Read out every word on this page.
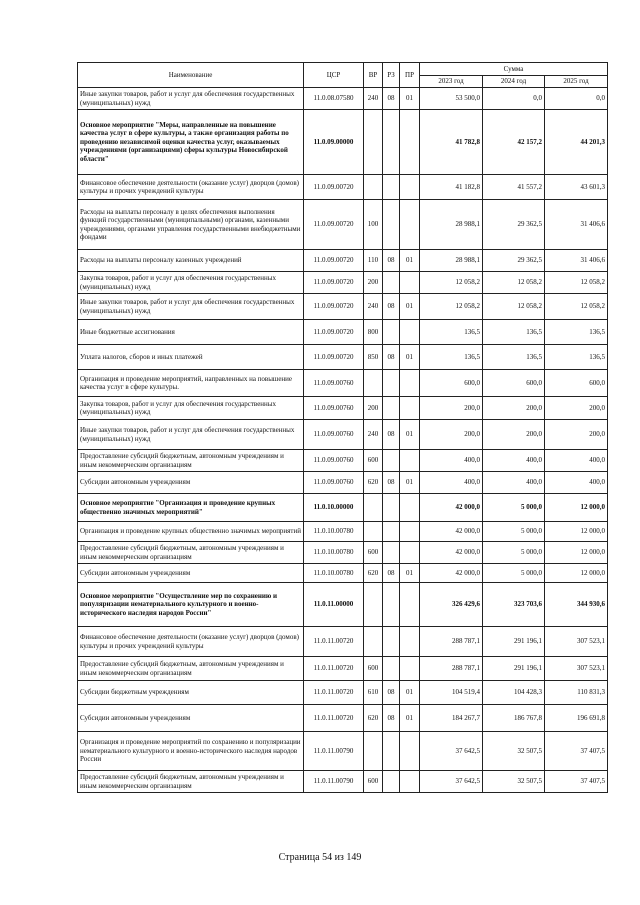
Наименование	ЦСР	ВР	РЗ	ПР	Сумма		
					2023 год	2024 год	2025 год
Иные закупки товаров, работ и услуг для обеспечения государственных (муниципальных) нужд	11.0.08.07580	240	08	01	53 500,0	0,0	0,0
Основное мероприятие "Меры, направленные на повышение качества услуг в сфере культуры, а также организация работы по проведению независимой оценки качества услуг, оказываемых учреждениями (организациями) сферы культуры Новосибирской области"	11.0.09.00000				41 782,8	42 157,2	44 201,3
Финансовое обеспечение деятельности (оказание услуг) дворцов (домов) культуры и прочих учреждений культуры	11.0.09.00720				41 182,8	41 557,2	43 601,3
Расходы на выплаты персоналу в целях обеспечения выполнения функций государственными (муниципальными) органами, казенными учреждениями, органами управления государственными внебюджетными фондами	11.0.09.00720	100			28 988,1	29 362,5	31 406,6
Расходы на выплаты персоналу казенных учреждений	11.0.09.00720	110	08	01	28 988,1	29 362,5	31 406,6
Закупка товаров, работ и услуг для обеспечения государственных (муниципальных) нужд	11.0.09.00720	200			12 058,2	12 058,2	12 058,2
Иные закупки товаров, работ и услуг для обеспечения государственных (муниципальных) нужд	11.0.09.00720	240	08	01	12 058,2	12 058,2	12 058,2
Иные бюджетные ассигнования	11.0.09.00720	800			136,5	136,5	136,5
Уплата налогов, сборов и иных платежей	11.0.09.00720	850	08	01	136,5	136,5	136,5
Организация и проведение мероприятий, направленных на повышение качества услуг в сфере культуры.	11.0.09.00760				600,0	600,0	600,0
Закупка товаров, работ и услуг для обеспечения государственных (муниципальных) нужд	11.0.09.00760	200			200,0	200,0	200,0
Иные закупки товаров, работ и услуг для обеспечения государственных (муниципальных) нужд	11.0.09.00760	240	08	01	200,0	200,0	200,0
Предоставление субсидий бюджетным, автономным учреждениям и иным некоммерческим организациям	11.0.09.00760	600			400,0	400,0	400,0
Субсидии автономным учреждениям	11.0.09.00760	620	08	01	400,0	400,0	400,0
Основное мероприятие "Организация и проведение крупных общественно значимых мероприятий"	11.0.10.00000				42 000,0	5 000,0	12 000,0
Организация и проведение крупных общественно значимых мероприятий	11.0.10.00780				42 000,0	5 000,0	12 000,0
Предоставление субсидий бюджетным, автономным учреждениям и иным некоммерческим организациям	11.0.10.00780	600			42 000,0	5 000,0	12 000,0
Субсидии автономным учреждениям	11.0.10.00780	620	08	01	42 000,0	5 000,0	12 000,0
Основное мероприятие "Осуществление мер по сохранению и популяризации нематериального культурного и военно-исторического наследия народов России"	11.0.11.00000				326 429,6	323 703,6	344 930,6
Финансовое обеспечение деятельности (оказание услуг) дворцов (домов) культуры и прочих учреждений культуры	11.0.11.00720				288 787,1	291 196,1	307 523,1
Предоставление субсидий бюджетным, автономным учреждениям и иным некоммерческим организациям	11.0.11.00720	600			288 787,1	291 196,1	307 523,1
Субсидии бюджетным учреждениям	11.0.11.00720	610	08	01	104 519,4	104 428,3	110 831,3
Субсидии автономным учреждениям	11.0.11.00720	620	08	01	184 267,7	186 767,8	196 691,8
Организация и проведение мероприятий по сохранению и популяризации нематериального культурного и военно-исторического наследия народов России	11.0.11.00790				37 642,5	32 507,5	37 407,5
Предоставление субсидий бюджетным, автономным учреждениям и иным некоммерческим организациям	11.0.11.00790	600			37 642,5	32 507,5	37 407,5
Страница 54 из 149
